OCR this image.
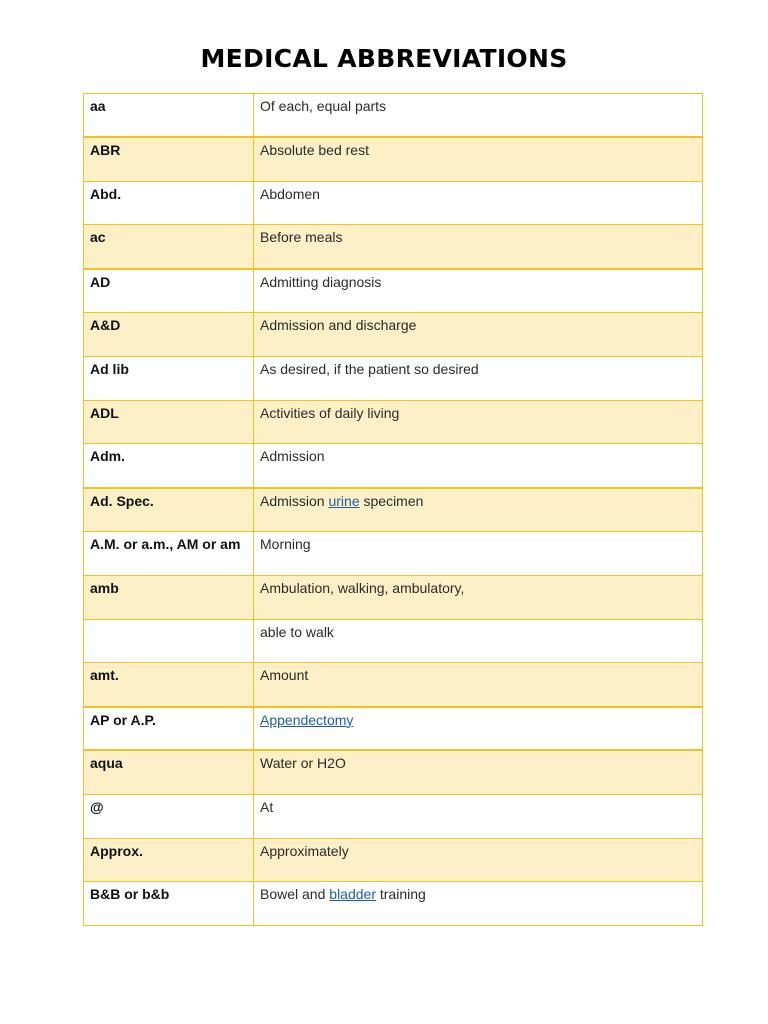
MEDICAL ABBREVIATIONS
aa	Of each, equal parts
ABR	Absolute bed rest
Abd.	Abdomen
ac	Before meals
AD	Admitting diagnosis
A&D	Admission and discharge
Ad lib	As desired, if the patient so desired
ADL	Activities of daily living
Adm.	Admission
Ad. Spec.	Admission urine specimen
A.M. or a.m., AM or am	Morning
amb	Ambulation, walking, ambulatory,
	able to walk
amt.	Amount
AP or A.P.	Appendectomy
aqua	Water or H2O
@	At
Approx.	Approximately
B&B or b&b	Bowel and bladder training
